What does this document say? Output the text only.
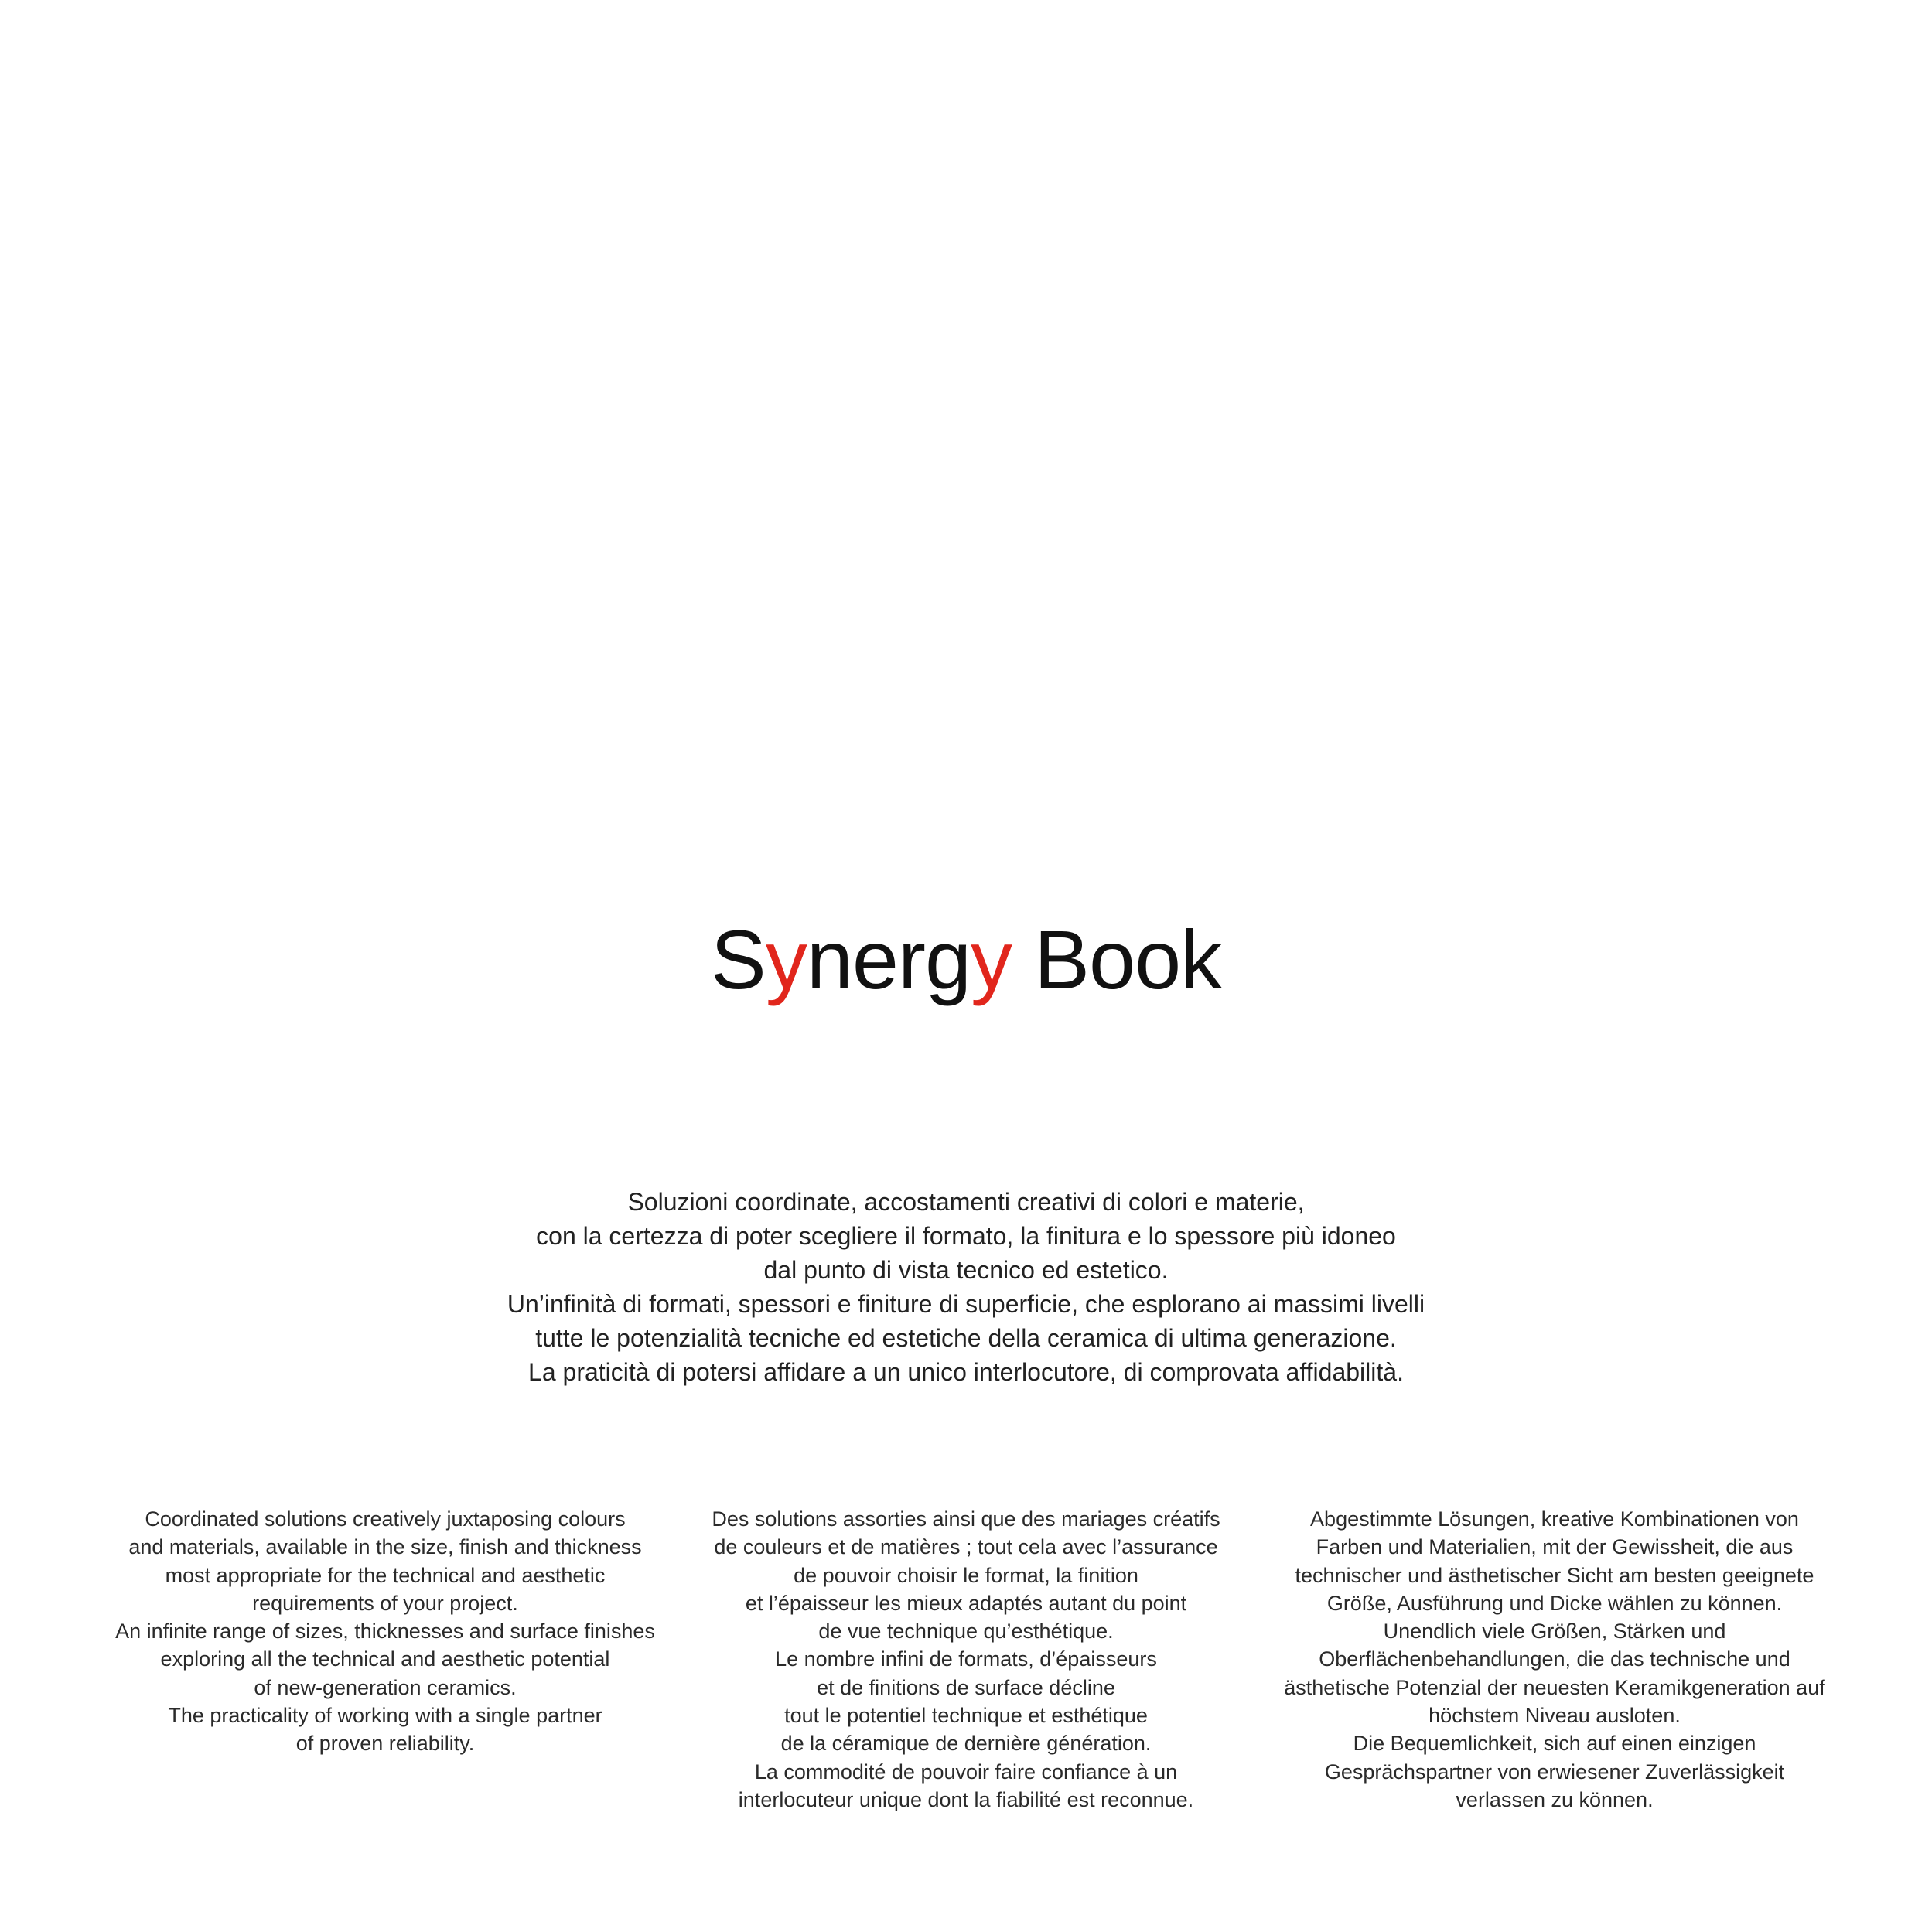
Synergy Book
Soluzioni coordinate, accostamenti creativi di colori e materie,
con la certezza di poter scegliere il formato, la finitura e lo spessore più idoneo
dal punto di vista tecnico ed estetico.
Un’infinità di formati, spessori e finiture di superficie, che esplorano ai massimi livelli
tutte le potenzialità tecniche ed estetiche della ceramica di ultima generazione.
La praticità di potersi affidare a un unico interlocutore, di comprovata affidabilità.
Coordinated solutions creatively juxtaposing colours
and materials, available in the size, finish and thickness
most appropriate for the technical and aesthetic
requirements of your project.
An infinite range of sizes, thicknesses and surface finishes
exploring all the technical and aesthetic potential
of new-generation ceramics.
The practicality of working with a single partner
of proven reliability.
Des solutions assorties ainsi que des mariages créatifs
de couleurs et de matières ; tout cela avec l’assurance
de pouvoir choisir le format, la finition
et l’épaisseur les mieux adaptés autant du point
de vue technique qu’esthétique.
Le nombre infini de formats, d’épaisseurs
et de finitions de surface décline
tout le potentiel technique et esthétique
de la céramique de dernière génération.
La commodité de pouvoir faire confiance à un
interlocuteur unique dont la fiabilité est reconnue.
Abgestimmte Lösungen, kreative Kombinationen von
Farben und Materialien, mit der Gewissheit, die aus
technischer und ästhetischer Sicht am besten geeignete
Größe, Ausführung und Dicke wählen zu können.
Unendlich viele Größen, Stärken und
Oberflächenbehandlungen, die das technische und
ästhetische Potenzial der neuesten Keramikgeneration auf
höchstem Niveau ausloten.
Die Bequemlichkeit, sich auf einen einzigen
Gesprächspartner von erwiesener Zuverlässigkeit
verlassen zu können.
